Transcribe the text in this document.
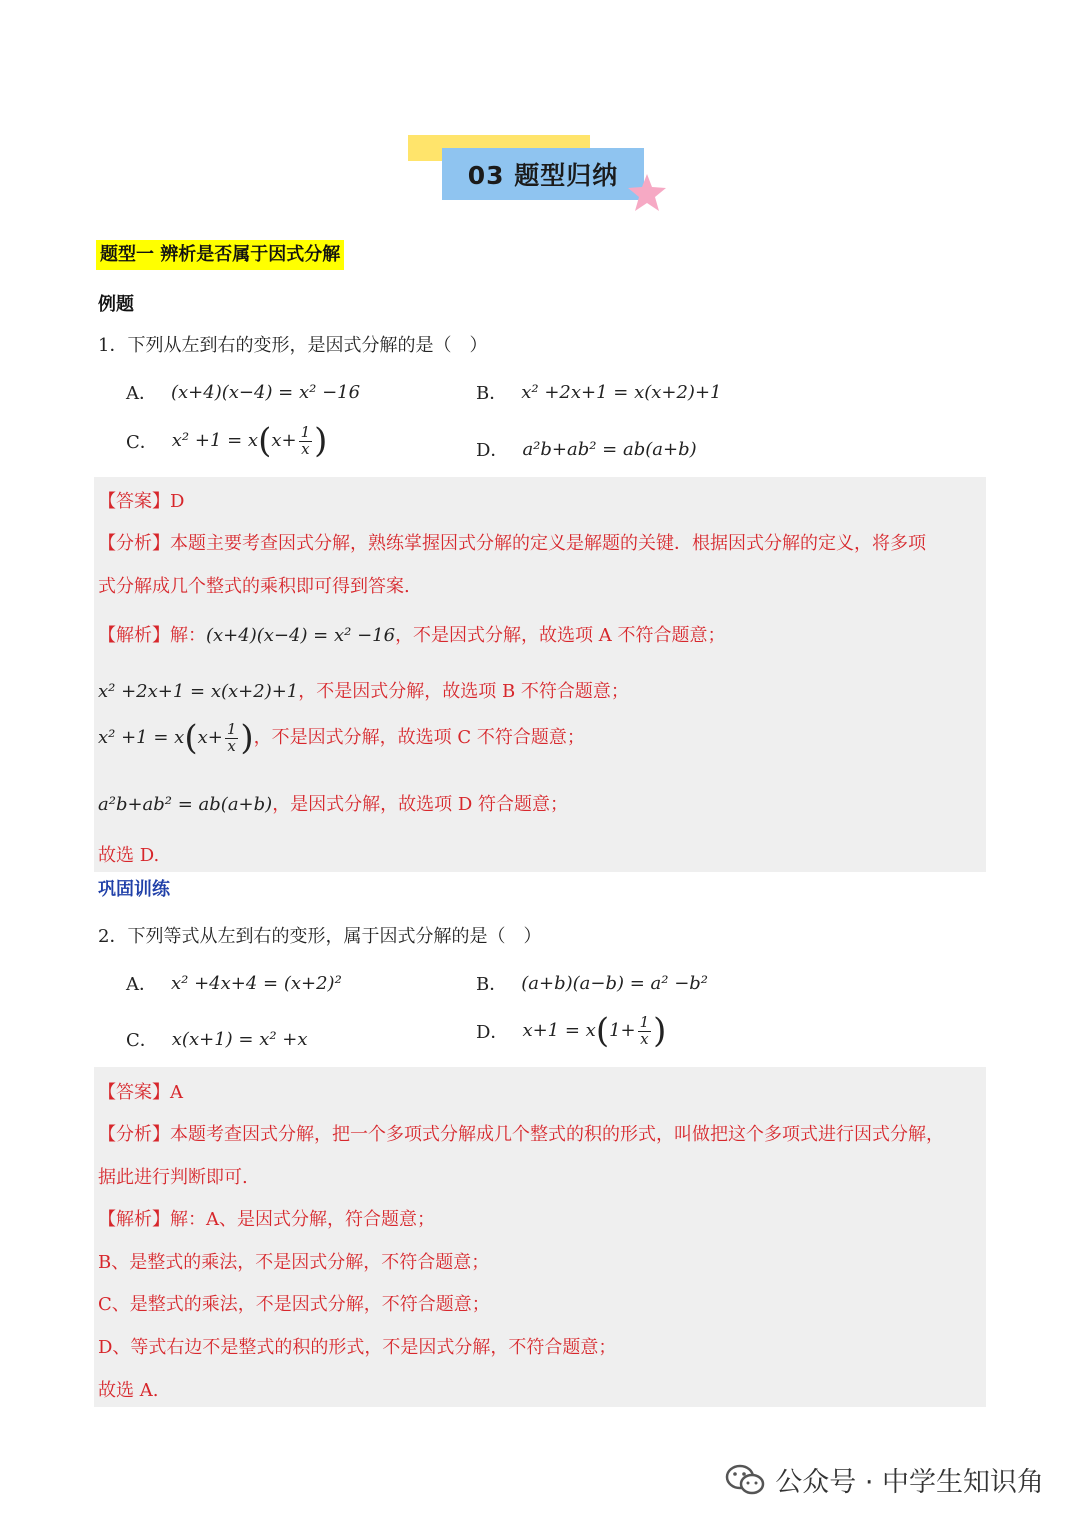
03 题型归纳
题型一 辨析是否属于因式分解
例题
1．下列从左到右的变形，是因式分解的是（　）
A． (x+4)(x−4) = x² −16	B． x² +2x+1 = x(x+2)+1
C． $x^2 +1 = x(x+ \frac{1}{x}$ )	D． a²b+ab² = ab(a+b)
【答案】D
【分析】本题主要考查因式分解，熟练掌握因式分解的定义是解题的关键．根据因式分解的定义，将多项
式分解成几个整式的乘积即可得到答案.
【解析】解：(x+4)(x−4) = x² −16，不是因式分解，故选项 A 不符合题意；
x² +2x+1 = x(x+2)+1，不是因式分解，故选项 B 不符合题意；
$x^2 +1 = x(x+ \frac{1}{x}$ )，不是因式分解，故选项 C 不符合题意；
a²b+ab² = ab(a+b)，是因式分解，故选项 D 符合题意；
故选 D.
巩固训练
2．下列等式从左到右的变形，属于因式分解的是（　）
A． x² +4x+4 = (x+2)²	B． (a+b)(a−b) = a² −b²
C． x(x+1) = x² +x	D． $x+1 = x(1+ \frac{1}{x}$ )
【答案】A
【分析】本题考查因式分解，把一个多项式分解成几个整式的积的形式，叫做把这个多项式进行因式分解，
据此进行判断即可.
【解析】解：A、是因式分解，符合题意；
B、是整式的乘法，不是因式分解，不符合题意；
C、是整式的乘法，不是因式分解，不符合题意；
D、等式右边不是整式的积的形式，不是因式分解，不符合题意；
故选 A.
公众号 · 中学生知识角
